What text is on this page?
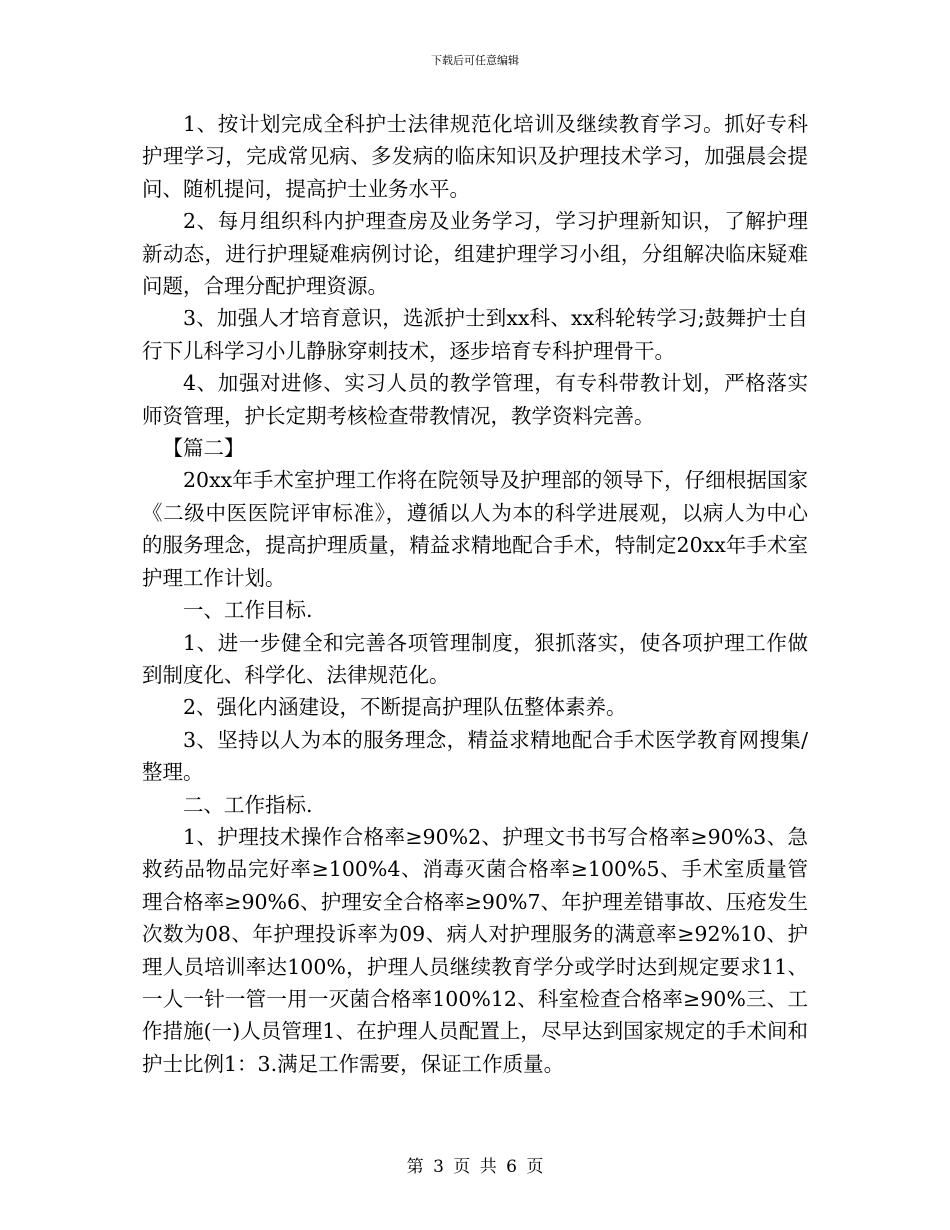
下载后可任意编辑

1、按计划完成全科护士法律规范化培训及继续教育学习。抓好专科护理学习，完成常见病、多发病的临床知识及护理技术学习，加强晨会提问、随机提问，提高护士业务水平。

2、每月组织科内护理查房及业务学习，学习护理新知识，了解护理新动态，进行护理疑难病例讨论，组建护理学习小组，分组解决临床疑难问题，合理分配护理资源。

3、加强人才培育意识，选派护士到xx科、xx科轮转学习;鼓舞护士自行下儿科学习小儿静脉穿刺技术，逐步培育专科护理骨干。

4、加强对进修、实习人员的教学管理，有专科带教计划，严格落实师资管理，护长定期考核检查带教情况，教学资料完善。

【篇二】

20xx年手术室护理工作将在院领导及护理部的领导下，仔细根据国家《二级中医医院评审标准》，遵循以人为本的科学进展观，以病人为中心的服务理念，提高护理质量，精益求精地配合手术，特制定20xx年手术室护理工作计划。

一、工作目标.

1、进一步健全和完善各项管理制度，狠抓落实，使各项护理工作做到制度化、科学化、法律规范化。

2、强化内涵建设，不断提高护理队伍整体素养。

3、坚持以人为本的服务理念，精益求精地配合手术医学教育网搜集/整理。

二、工作指标.

1、护理技术操作合格率≥90%2、护理文书书写合格率≥90%3、急救药品物品完好率≥100%4、消毒灭菌合格率≥100%5、手术室质量管理合格率≥90%6、护理安全合格率≥90%7、年护理差错事故、压疮发生次数为08、年护理投诉率为09、病人对护理服务的满意率≥92%10、护理人员培训率达100%，护理人员继续教育学分或学时达到规定要求11、一人一针一管一用一灭菌合格率100%12、科室检查合格率≥90%三、工作措施(一)人员管理1、在护理人员配置上，尽早达到国家规定的手术间和护士比例1：3.满足工作需要，保证工作质量。

第 3 页 共 6 页
